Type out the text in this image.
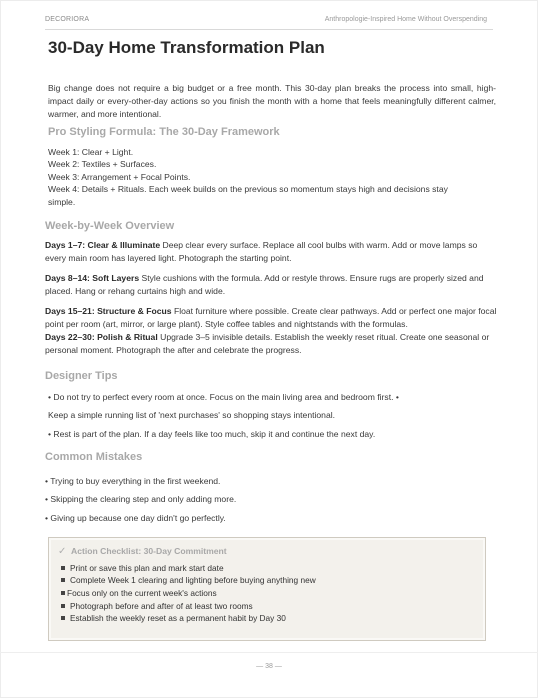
DECORIORA	Anthropologie-Inspired Home Without Overspending
30-Day Home Transformation Plan

Big change does not require a big budget or a free month. This 30-day plan breaks the process into small, high-impact daily or every-other-day actions so you finish the month with a home that feels meaningfully different calmer, warmer, and more intentional.

Pro Styling Formula: The 30-Day Framework
Week 1: Clear + Light.
Week 2: Textiles + Surfaces.
Week 3: Arrangement + Focal Points.
Week 4: Details + Rituals. Each week builds on the previous so momentum stays high and decisions stay
simple.
Week-by-Week Overview

Days 1–7: Clear & Illuminate Deep clear every surface. Replace all cool bulbs with warm. Add or move lamps so every main room has layered light. Photograph the starting point.

Days 8–14: Soft Layers Style cushions with the formula. Add or restyle throws. Ensure rugs are properly sized and placed. Hang or rehang curtains high and wide.

Days 15–21: Structure & Focus Float furniture where possible. Create clear pathways. Add or perfect one major focal point per room (art, mirror, or large plant). Style coffee tables and nightstands with the formulas.

Days 22–30: Polish & Ritual Upgrade 3–5 invisible details. Establish the weekly reset ritual. Create one seasonal or personal moment. Photograph the after and celebrate the progress.

Designer Tips

• Do not try to perfect every room at once. Focus on the main living area and bedroom first. •

Keep a simple running list of 'next purchases' so shopping stays intentional.

• Rest is part of the plan. If a day feels like too much, skip it and continue the next day.

Common Mistakes

• Trying to buy everything in the first weekend.

• Skipping the clearing step and only adding more.

• Giving up because one day didn't go perfectly.

✓ Action Checklist: 30-Day Commitment

Print or save this plan and mark start date
Complete Week 1 clearing and lighting before buying anything new
Focus only on the current week's actions
Photograph before and after of at least two rooms
Establish the weekly reset as a permanent habit by Day 30
— 38 —
